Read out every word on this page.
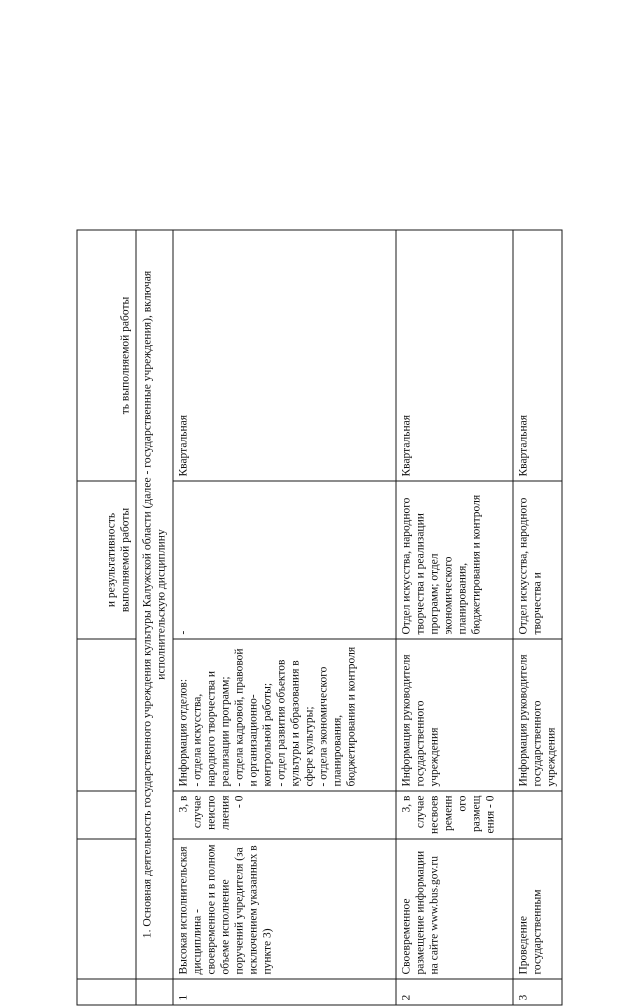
				и результативность выполняемой работы	ть выполняемой работы
	1. Основная деятельность государственного учреждения культуры Калужской области (далее - государственные учреждения), включая исполнительскую дисциплину				
1	Высокая исполнительская дисциплина - своевременное и в полном объеме исполнение поручений учредителя (за исключением указанных в пункте 3)	3, в случае неисполнения - 0	Информация отделов:
- отдела искусства, народного творчества и реализации программ;
- отдела кадровой, правовой и организационно-контрольной работы;
- отдел развития объектов культуры и образования в сфере культуры;
- отдела экономического планирования, бюджетирования и контроля	-	Квартальная
2	Своевременное размещение информации на сайте www.bus.gov.ru	3, в случае несвоевременного размещения - 0	Информация руководителя государственного учреждения	Отдел искусства, народного творчества и реализации программ; отдел экономического планирования, бюджетирования и контроля	Квартальная
3	Проведение государственным		Информация руководителя государственного учреждения	Отдел искусства, народного творчества и	Квартальная
